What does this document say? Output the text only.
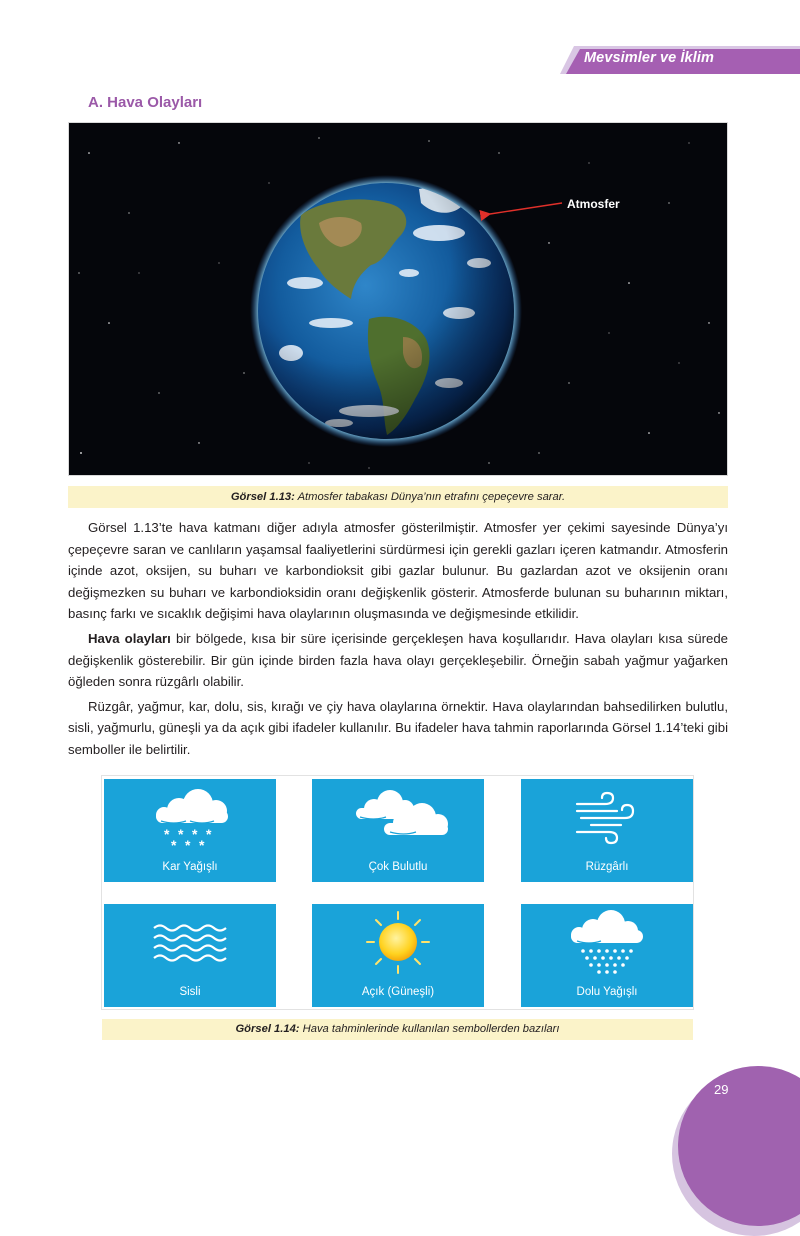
Mevsimler ve İklim
A. Hava Olayları
Atmosfer
Görsel 1.13: Atmosfer tabakası Dünya’nın etrafını çepeçevre sarar.

Görsel 1.13’te hava katmanı diğer adıyla atmosfer gösterilmiştir. Atmosfer yer çekimi sayesinde Dünya’yı çepeçevre saran ve canlıların yaşamsal faaliyetlerini sürdürmesi için gerekli gazları içeren katmandır. Atmosferin içinde azot, oksijen, su buharı ve karbondioksit gibi gazlar bulunur. Bu gazlardan azot ve oksijenin oranı değişmezken su buharı ve karbondioksidin oranı değişkenlik gösterir. Atmosferde bulunan su buharının miktarı, basınç farkı ve sıcaklık değişimi hava olaylarının oluşmasında ve değişmesinde etkilidir.

Hava olayları bir bölgede, kısa bir süre içerisinde gerçekleşen hava koşullarıdır. Hava olayları kısa sürede değişkenlik gösterebilir. Bir gün içinde birden fazla hava olayı gerçekleşebilir. Örneğin sabah yağmur yağarken öğleden sonra rüzgârlı olabilir.

Rüzgâr, yağmur, kar, dolu, sis, kırağı ve çiy hava olaylarına örnektir. Hava olaylarından bahsedilirken bulutlu, sisli, yağmurlu, güneşli ya da açık gibi ifadeler kullanılır. Bu ifadeler hava tahmin raporlarında Görsel 1.14’teki gibi semboller ile belirtilir.

* * * *
* * *
Kar Yağışlı	Çok Bulutlu	Rüzgârlı
Sisli	Açık (Güneşli)	Dolu Yağışlı
Görsel 1.14: Hava tahminlerinde kullanılan sembollerden bazıları
29
